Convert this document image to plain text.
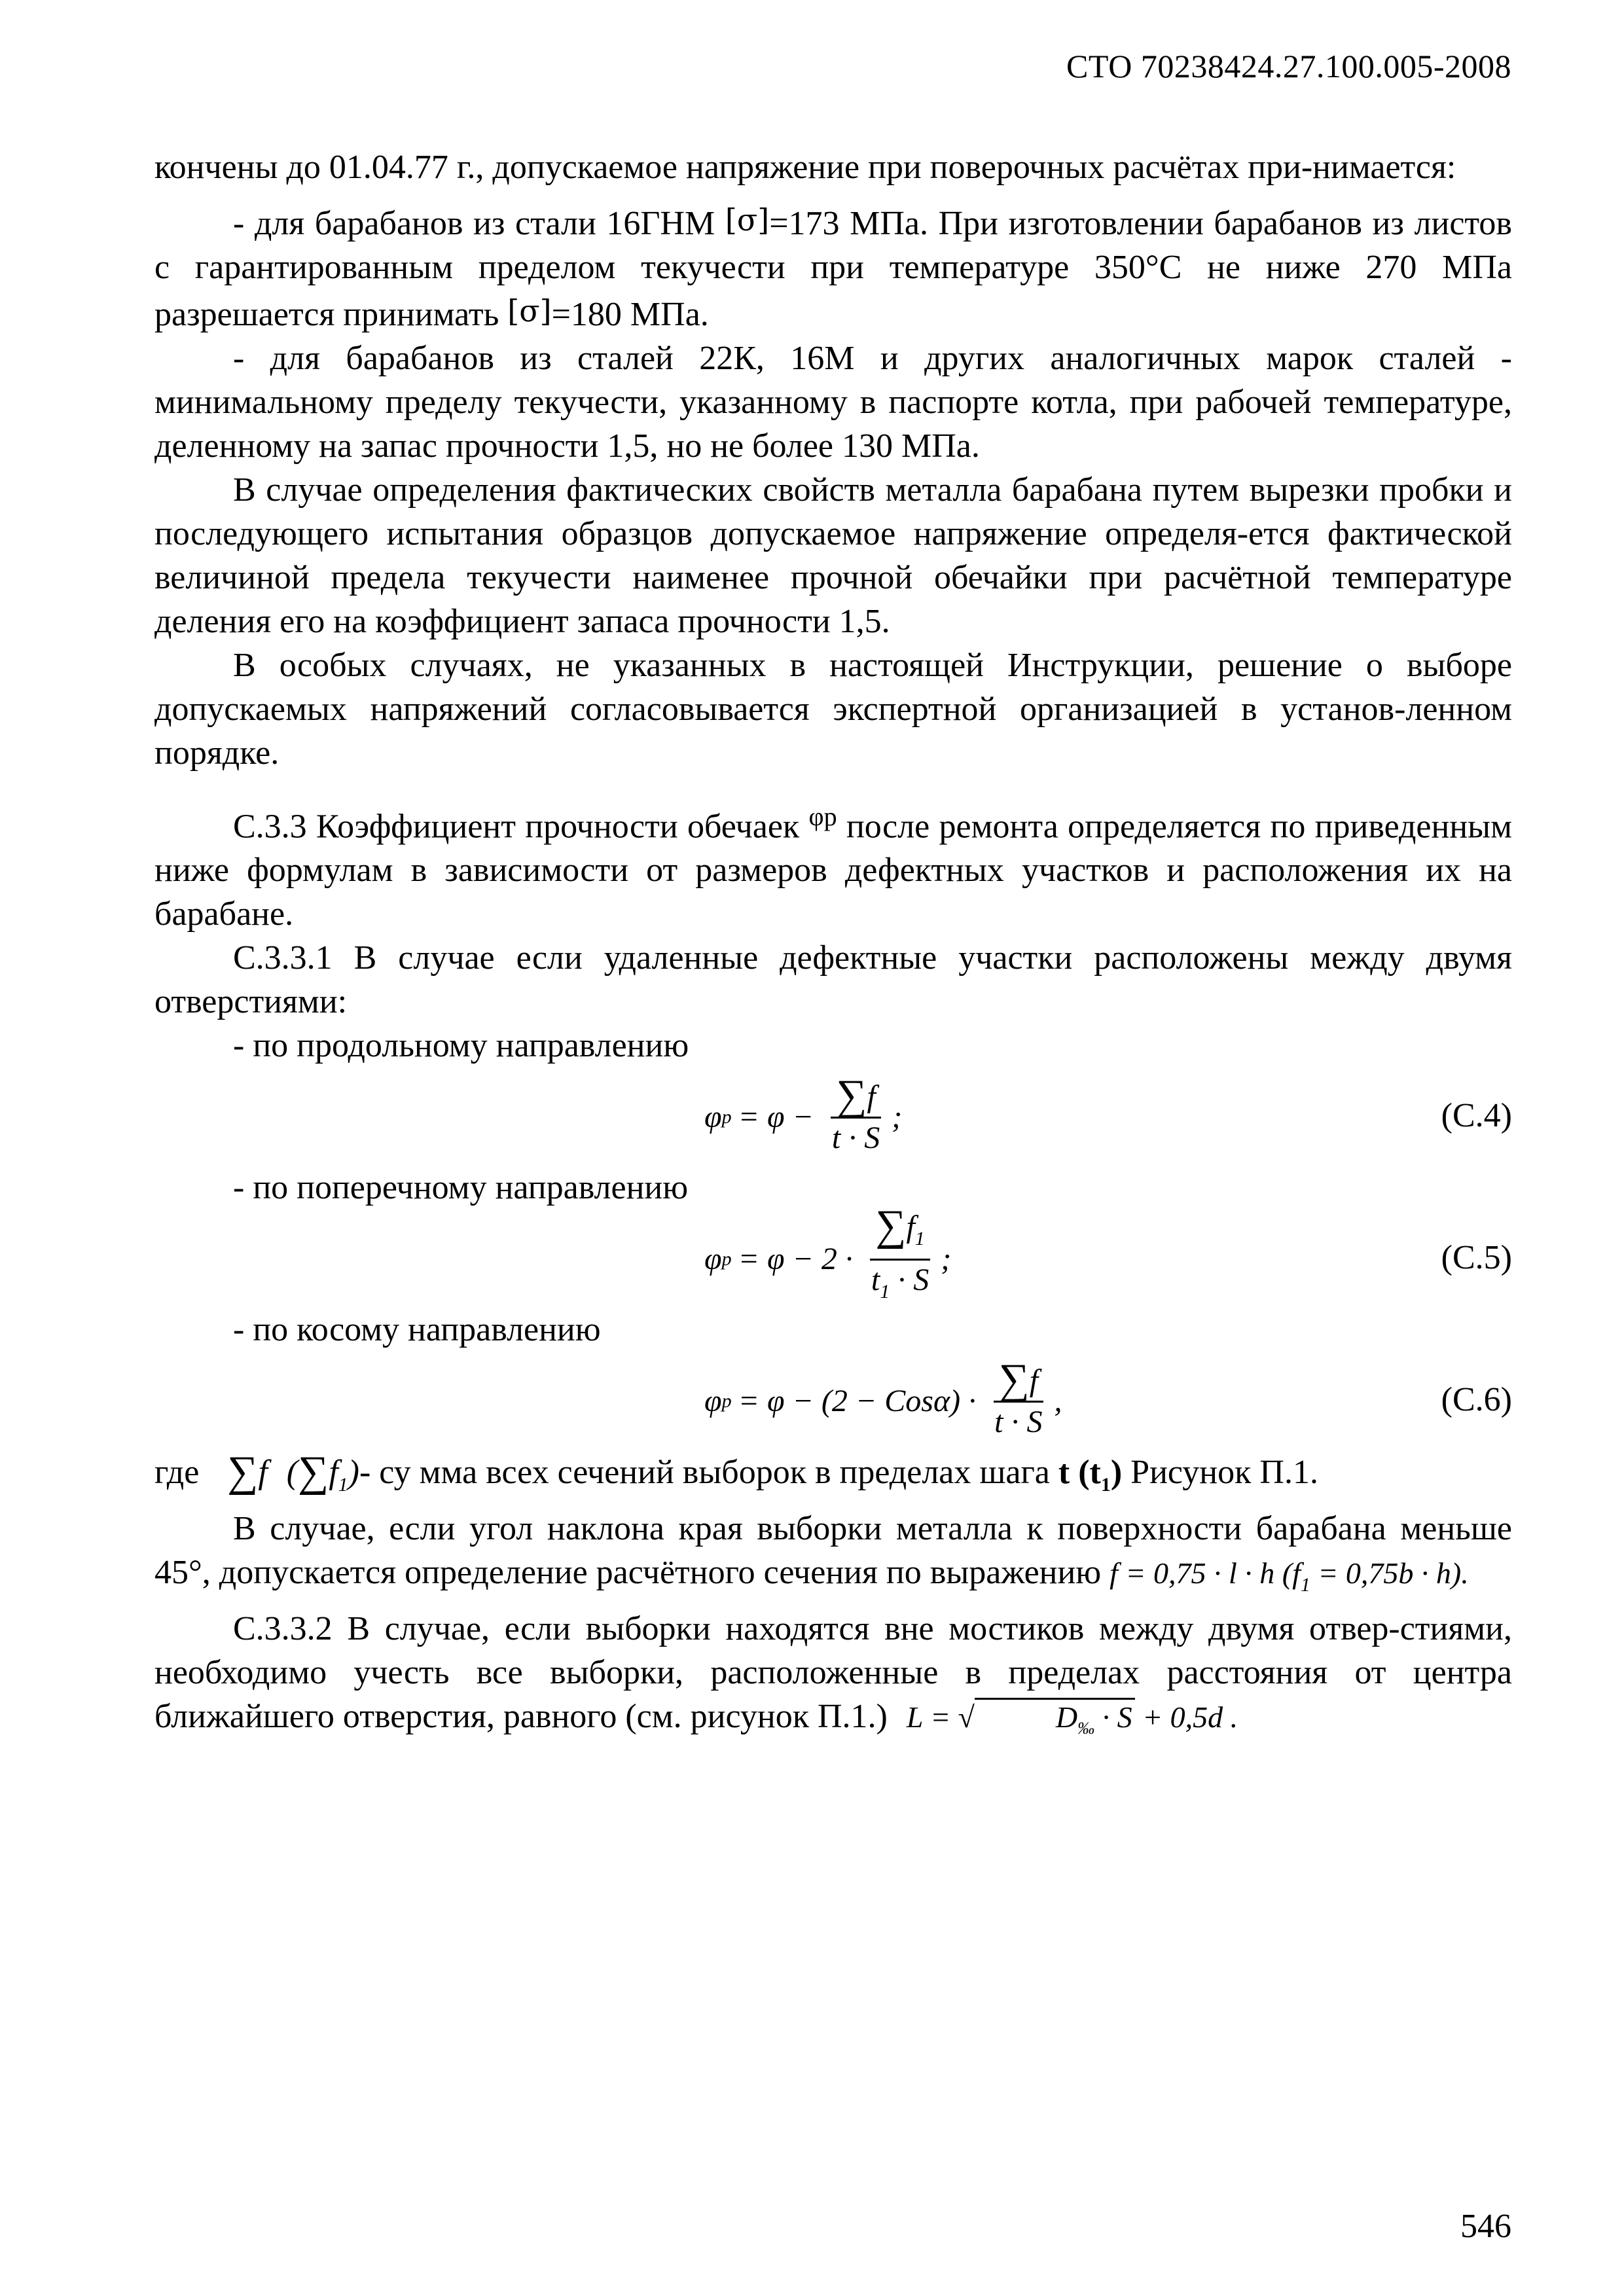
СТО 70238424.27.100.005-2008

кончены до 01.04.77 г., допускаемое напряжение при поверочных расчётах при-нимается:

- для барабанов из стали 16ГНМ [σ]=173 МПа. При изготовлении барабанов из листов с гарантированным пределом текучести при температуре 350°С не ниже 270 МПа разрешается принимать [σ]=180 МПа.

- для барабанов из сталей 22К, 16М и других аналогичных марок сталей - минимальному пределу текучести, указанному в паспорте котла, при рабочей температуре, деленному на запас прочности 1,5, но не более 130 МПа.

В случае определения фактических свойств металла барабана путем вырезки пробки и последующего испытания образцов допускаемое напряжение определя-ется фактической величиной предела текучести наименее прочной обечайки при расчётной температуре деления его на коэффициент запаса прочности 1,5.

В особых случаях, не указанных в настоящей Инструкции, решение о выборе допускаемых напряжений согласовывается экспертной организацией в установ-ленном порядке.

С.3.3 Коэффициент прочности обечаек $^{\varphi р}$ после ремонта определяется по приведенным ниже формулам в зависимости от размеров дефектных участков и расположения их на барабане.

С.3.3.1 В случае если удаленные дефектные участки расположены между двумя отверстиями:

- по продольному направлению

φ $p = \varphi - \frac{\sum f}{t \cdot S}$ ;	(С.4)

- по поперечному направлению

φ $p = \varphi - 2 \cdot \frac{\sum f_1}{t_1 \cdot S}$ ;	(С.5)

- по косому направлению

φ $p = \varphi - (2 - Cos\alpha) \cdot \frac{\sum f}{t \cdot S}$ ,	(С.6)

где ∑f $(\sum f_1)-$ су мма всех сечений выборок в пределах шага t $(t_1)$ Рисунок П.1.

В случае, если угол наклона края выборки металла к поверхности барабана меньше 45°, допускается определение расчётного сечения по выражению f = 0,75 · l · h $(f_1 = 0,75b \cdot h)$.

С.3.3.2 В случае, если выборки находятся вне мостиков между двумя отвер-стиями, необходимо учесть все выборки, расположенные в пределах расстояния от центра ближайшего отверстия, равного (см. рисунок П.1.) L = √	$D_‰ \cdot S + 0,5d$ .

546
